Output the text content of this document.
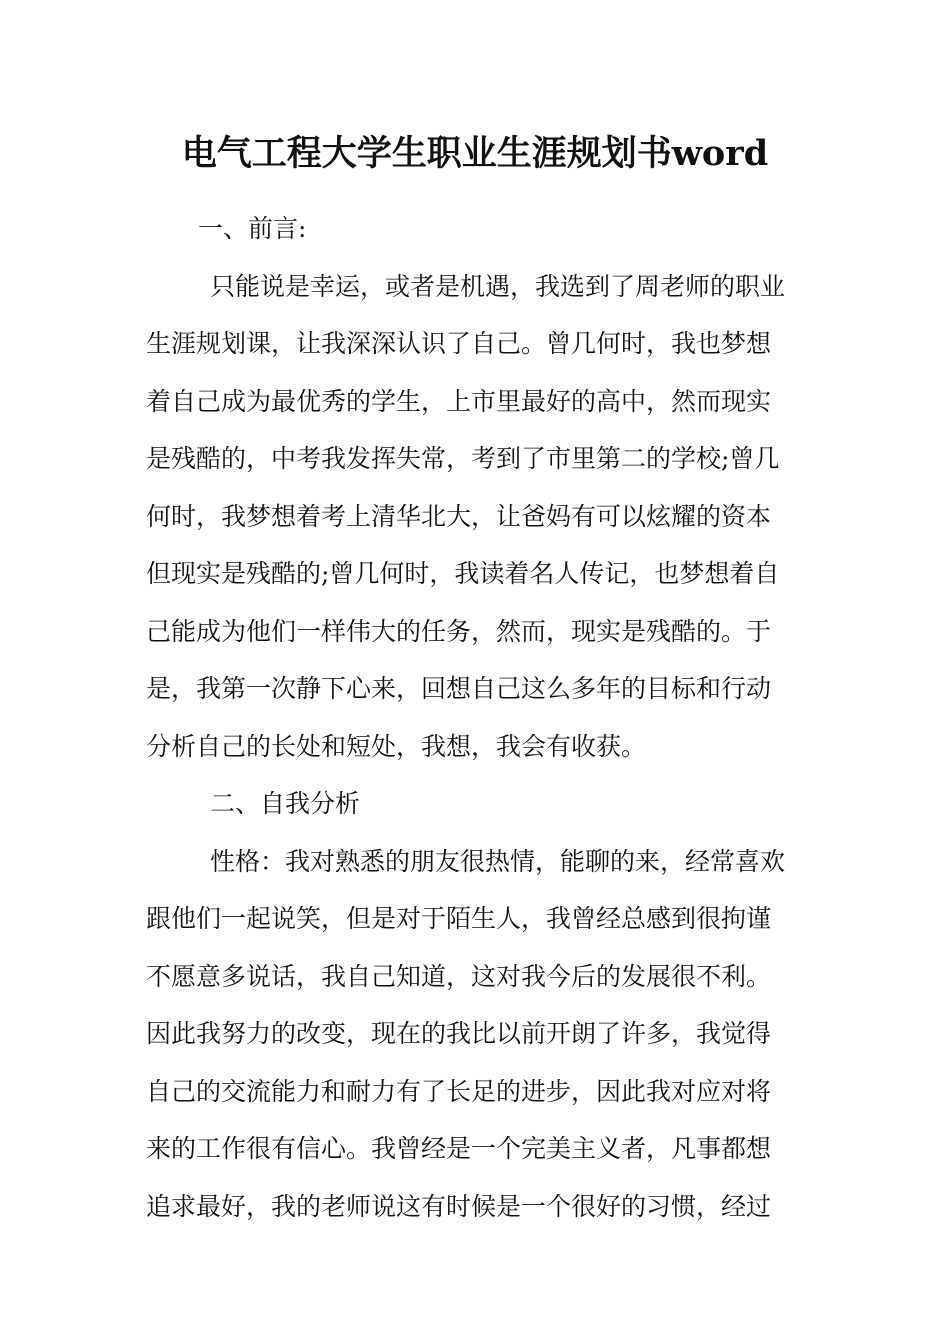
电气工程大学生职业生涯规划书word
一、前言:
只能说是幸运，或者是机遇，我选到了周老师的职业
生涯规划课，让我深深认识了自己。曾几何时，我也梦想
着自己成为最优秀的学生，上市里最好的高中，然而现实
是残酷的，中考我发挥失常，考到了市里第二的学校;曾几
何时，我梦想着考上清华北大，让爸妈有可以炫耀的资本
但现实是残酷的;曾几何时，我读着名人传记，也梦想着自
己能成为他们一样伟大的任务，然而，现实是残酷的。于
是，我第一次静下心来，回想自己这么多年的目标和行动
分析自己的长处和短处，我想，我会有收获。
二、自我分析
性格：我对熟悉的朋友很热情，能聊的来，经常喜欢
跟他们一起说笑，但是对于陌生人，我曾经总感到很拘谨
不愿意多说话，我自己知道，这对我今后的发展很不利。
因此我努力的改变，现在的我比以前开朗了许多，我觉得
自己的交流能力和耐力有了长足的进步，因此我对应对将
来的工作很有信心。我曾经是一个完美主义者，凡事都想
追求最好，我的老师说这有时候是一个很好的习惯，经过
